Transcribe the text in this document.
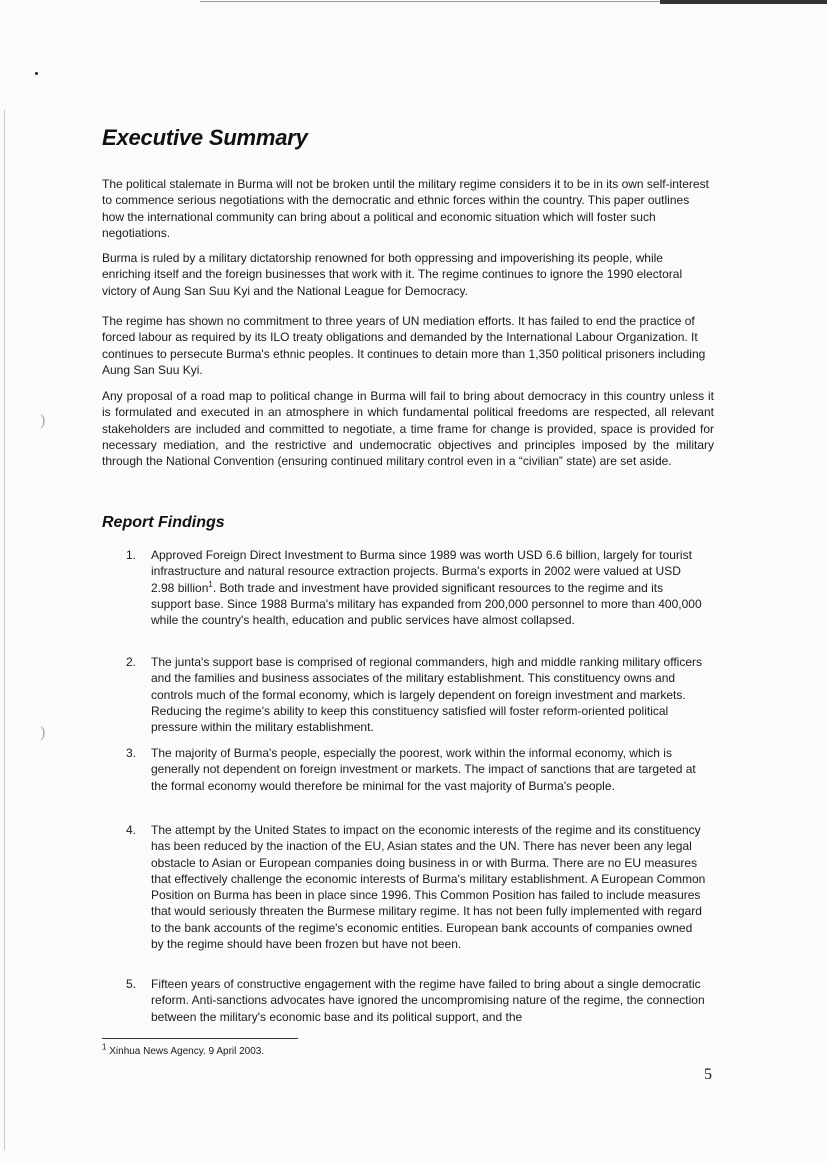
)
)
Executive Summary

The political stalemate in Burma will not be broken until the military regime considers it to be in its own self-interest to commence serious negotiations with the democratic and ethnic forces within the country. This paper outlines how the international community can bring about a political and economic situation which will foster such negotiations.

Burma is ruled by a military dictatorship renowned for both oppressing and impoverishing its people, while enriching itself and the foreign businesses that work with it. The regime continues to ignore the 1990 electoral victory of Aung San Suu Kyi and the National League for Democracy.

The regime has shown no commitment to three years of UN mediation efforts. It has failed to end the practice of forced labour as required by its ILO treaty obligations and demanded by the International Labour Organization. It continues to persecute Burma's ethnic peoples. It continues to detain more than 1,350 political prisoners including Aung San Suu Kyi.

Any proposal of a road map to political change in Burma will fail to bring about democracy in this country unless it is formulated and executed in an atmosphere in which fundamental political freedoms are respected, all relevant stakeholders are included and committed to negotiate, a time frame for change is provided, space is provided for necessary mediation, and the restrictive and undemocratic objectives and principles imposed by the military through the National Convention (ensuring continued military control even in a “civilian” state) are set aside.

Report Findings
1. Approved Foreign Direct Investment to Burma since 1989 was worth USD 6.6 billion, largely for tourist infrastructure and natural resource extraction projects. Burma's exports in 2002 were valued at USD 2.98 billion$^1$. Both trade and investment have provided significant resources to the regime and its support base. Since 1988 Burma's military has expanded from 200,000 personnel to more than 400,000 while the country's health, education and public services have almost collapsed.
2. The junta's support base is comprised of regional commanders, high and middle ranking military officers and the families and business associates of the military establishment. This constituency owns and controls much of the formal economy, which is largely dependent on foreign investment and markets. Reducing the regime's ability to keep this constituency satisfied will foster reform-oriented political pressure within the military establishment.
3. The majority of Burma's people, especially the poorest, work within the informal economy, which is generally not dependent on foreign investment or markets. The impact of sanctions that are targeted at the formal economy would therefore be minimal for the vast majority of Burma's people.
4. The attempt by the United States to impact on the economic interests of the regime and its constituency has been reduced by the inaction of the EU, Asian states and the UN. There has never been any legal obstacle to Asian or European companies doing business in or with Burma. There are no EU measures that effectively challenge the economic interests of Burma's military establishment. A European Common Position on Burma has been in place since 1996. This Common Position has failed to include measures that would seriously threaten the Burmese military regime. It has not been fully implemented with regard to the bank accounts of the regime's economic entities. European bank accounts of companies owned by the regime should have been frozen but have not been.
5. Fifteen years of constructive engagement with the regime have failed to bring about a single democratic reform. Anti-sanctions advocates have ignored the uncompromising nature of the regime, the connection between the military's economic base and its political support, and the
$^1$ Xinhua News Agency. 9 April 2003.
5
